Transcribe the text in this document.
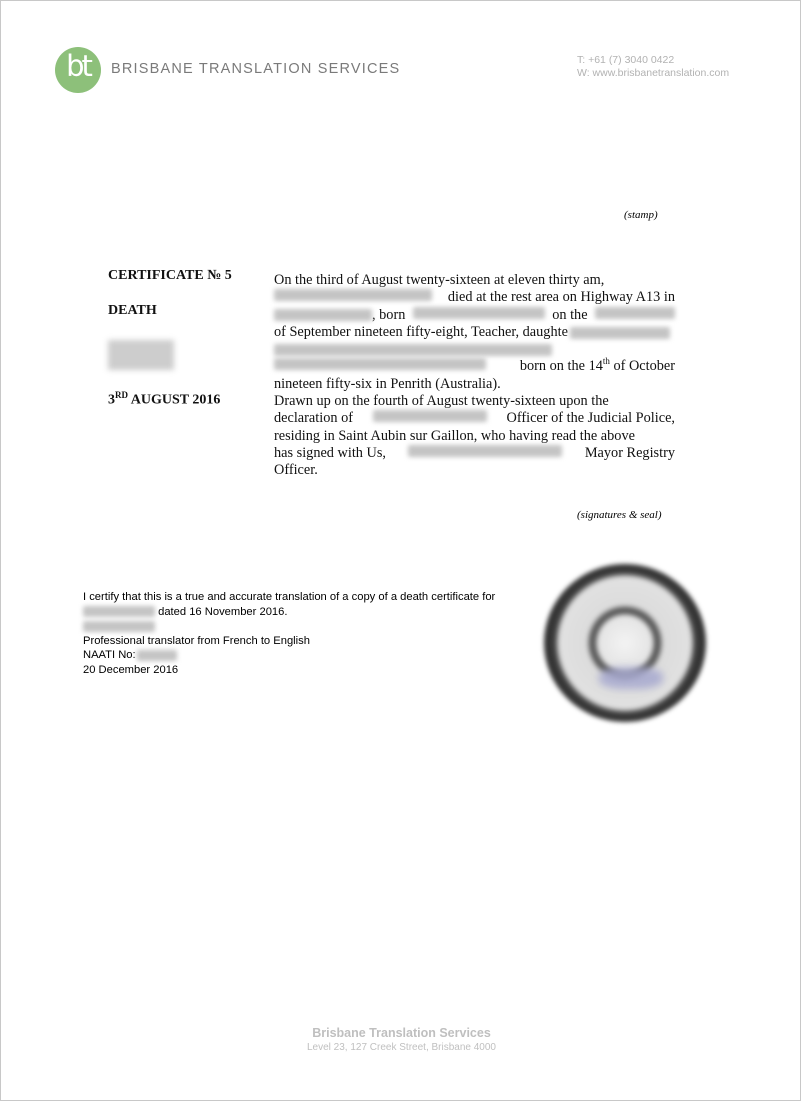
bt	BRISBANE TRANSLATION SERVICES
T: +61 (7) 3040 0422
W: www.brisbanetranslation.com
(stamp)
CERTIFICATE № 5
DEATH
3RD AUGUST 2016
On the third of August twenty-sixteen at eleven thirty am,
died at the rest area on Highway A13 in
, born	on the
of September nineteen fifty-eight, Teacher, daughte
born on the 14th of October
nineteen fifty-six in Penrith (Australia).
Drawn up on the fourth of August twenty-sixteen upon the
declaration of	Officer of the Judicial Police,
residing in Saint Aubin sur Gaillon, who having read the above
has signed with Us,	Mayor Registry
Officer.
(signatures & seal)
I certify that this is a true and accurate translation of a copy of a death certificate for
dated 16 November 2016.
Professional translator from French to English
NAATI No:
20 December 2016
Brisbane Translation Services
Level 23, 127 Creek Street, Brisbane 4000
